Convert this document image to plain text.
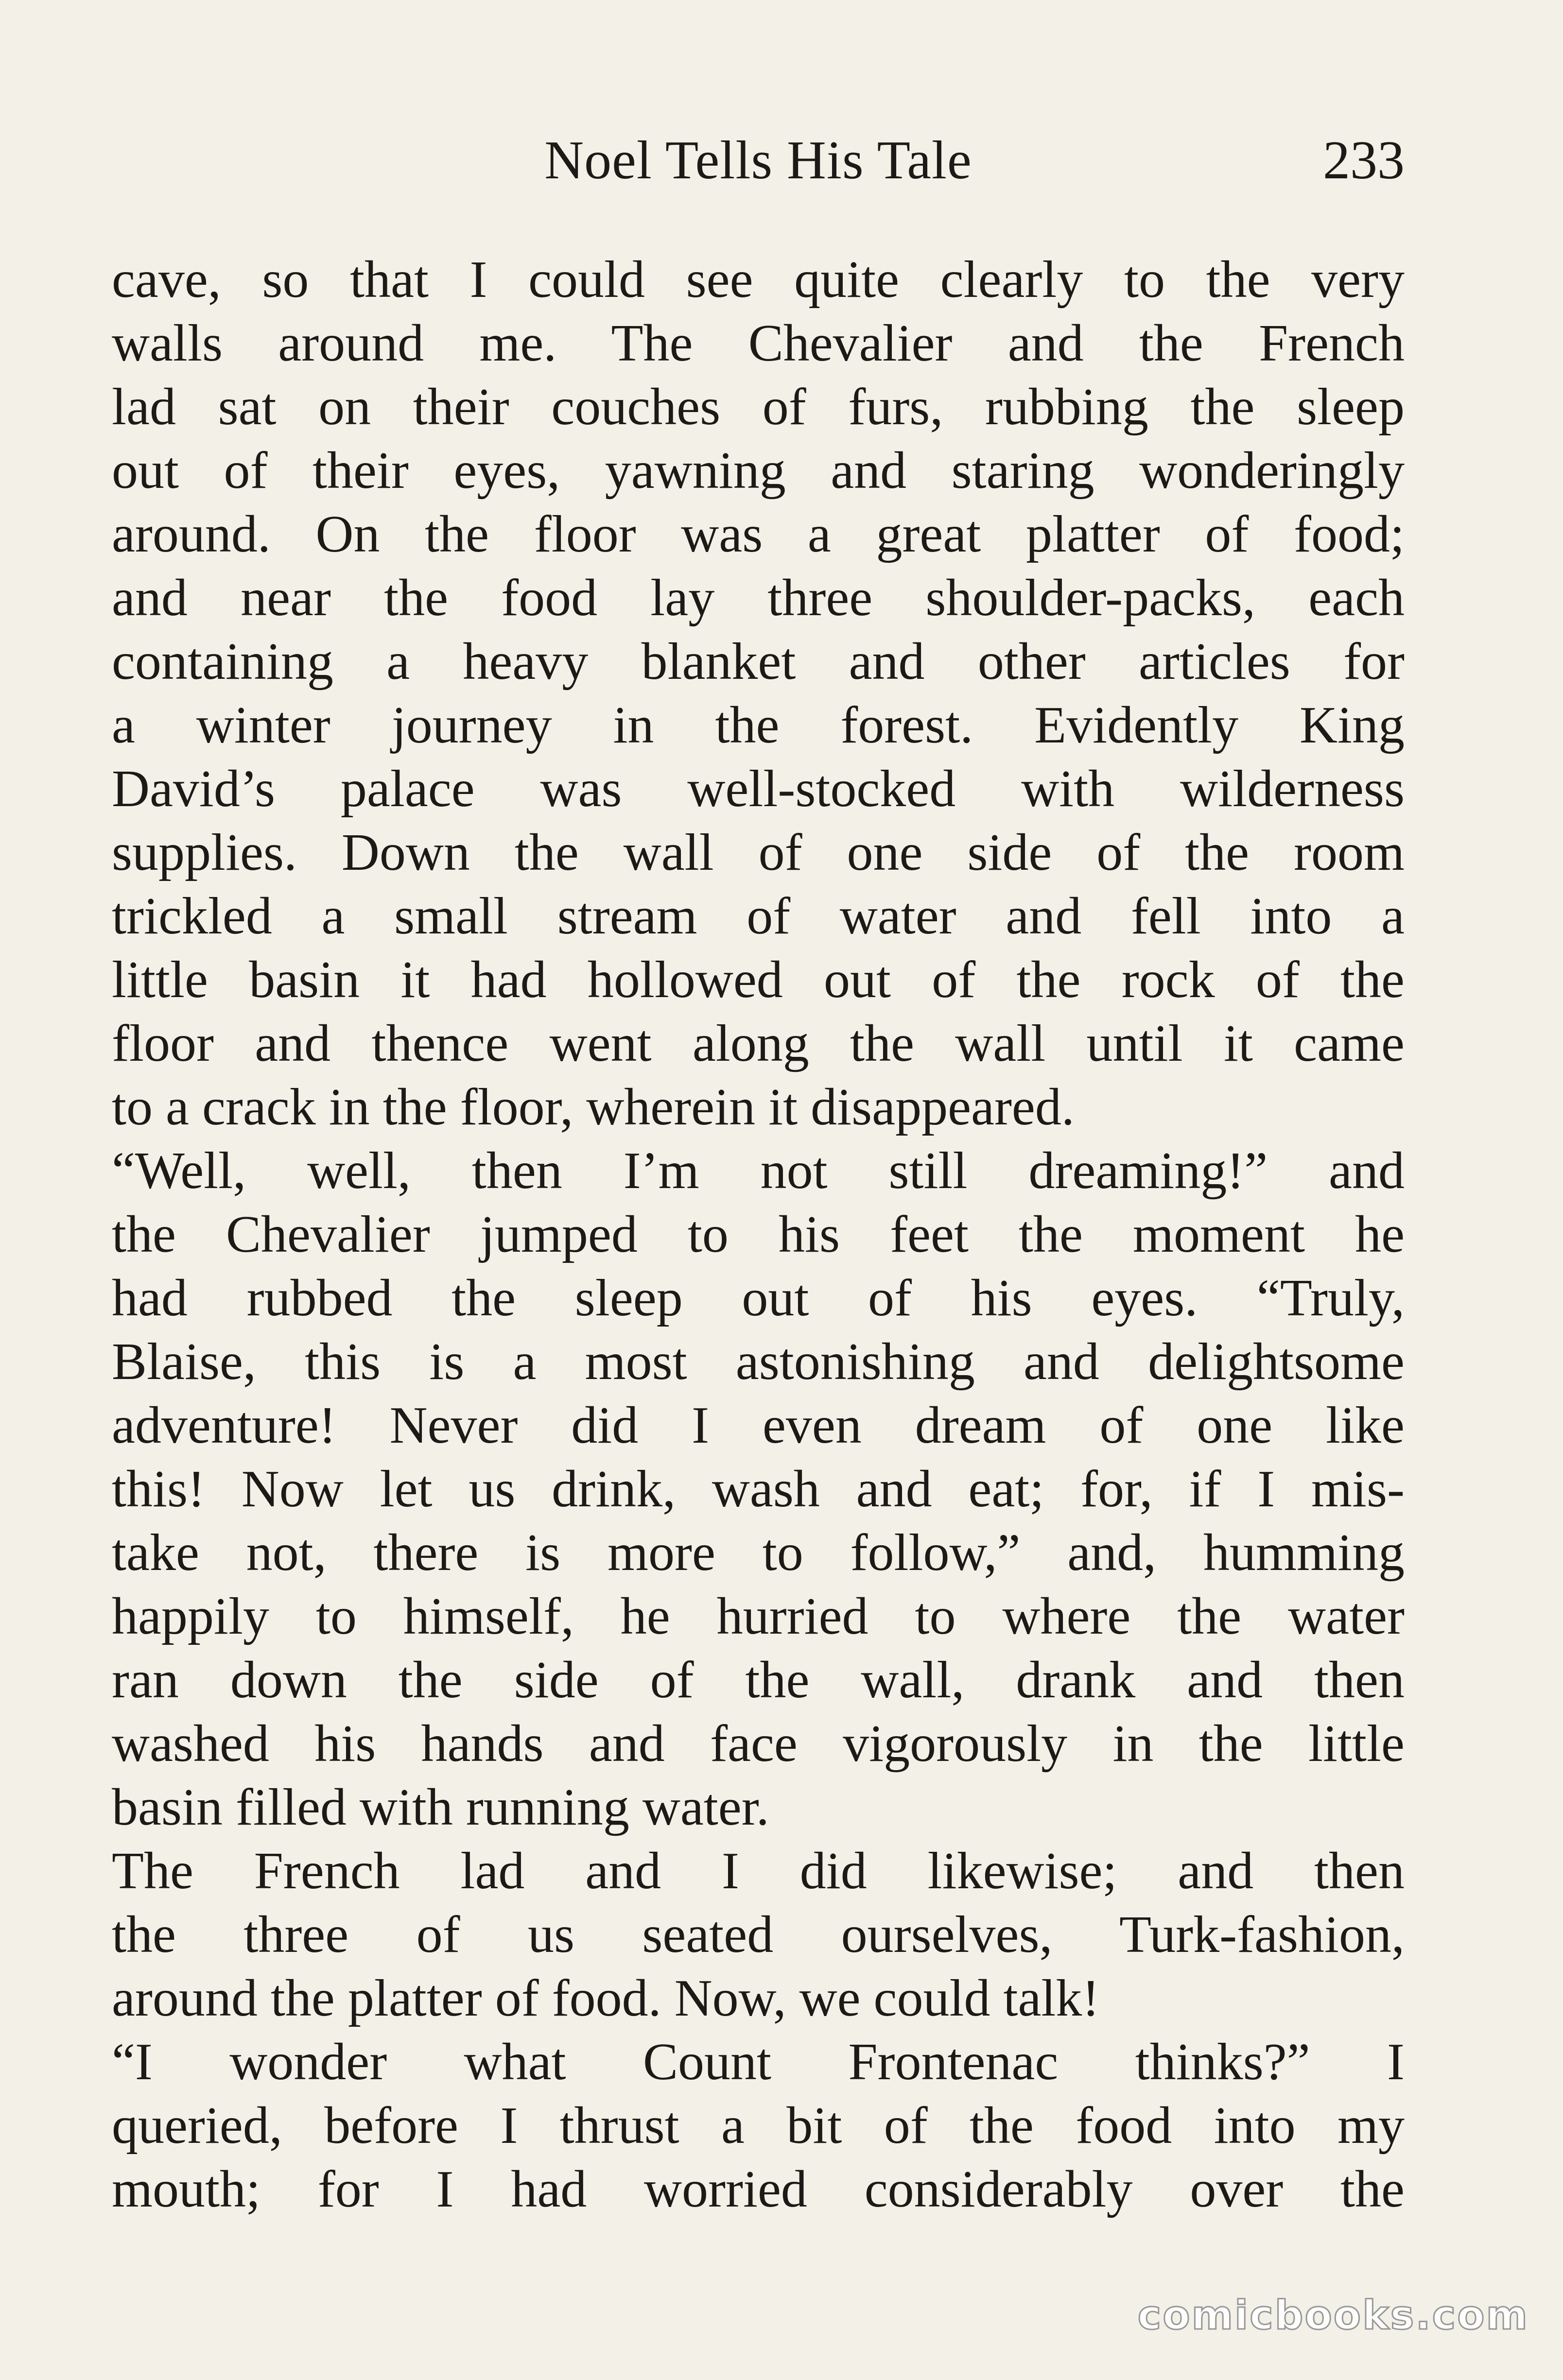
Noel Tells His Tale	233
cave, so that I could see quite clearly to the very
walls around me. The Chevalier and the French
lad sat on their couches of furs, rubbing the sleep
out of their eyes, yawning and staring wonderingly
around. On the floor was a great platter of food;
and near the food lay three shoulder-packs, each
containing a heavy blanket and other articles for
a winter journey in the forest. Evidently King
David’s palace was well-stocked with wilderness
supplies. Down the wall of one side of the room
trickled a small stream of water and fell into a
little basin it had hollowed out of the rock of the
floor and thence went along the wall until it came
to a crack in the floor, wherein it disappeared.
“Well, well, then I’m not still dreaming!” and
the Chevalier jumped to his feet the moment he
had rubbed the sleep out of his eyes. “Truly,
Blaise, this is a most astonishing and delightsome
adventure! Never did I even dream of one like
this! Now let us drink, wash and eat; for, if I mis-
take not, there is more to follow,” and, humming
happily to himself, he hurried to where the water
ran down the side of the wall, drank and then
washed his hands and face vigorously in the little
basin filled with running water.
The French lad and I did likewise; and then
the three of us seated ourselves, Turk-fashion,
around the platter of food. Now, we could talk!
“I wonder what Count Frontenac thinks?” I
queried, before I thrust a bit of the food into my
mouth; for I had worried considerably over the
comicbooks.com
